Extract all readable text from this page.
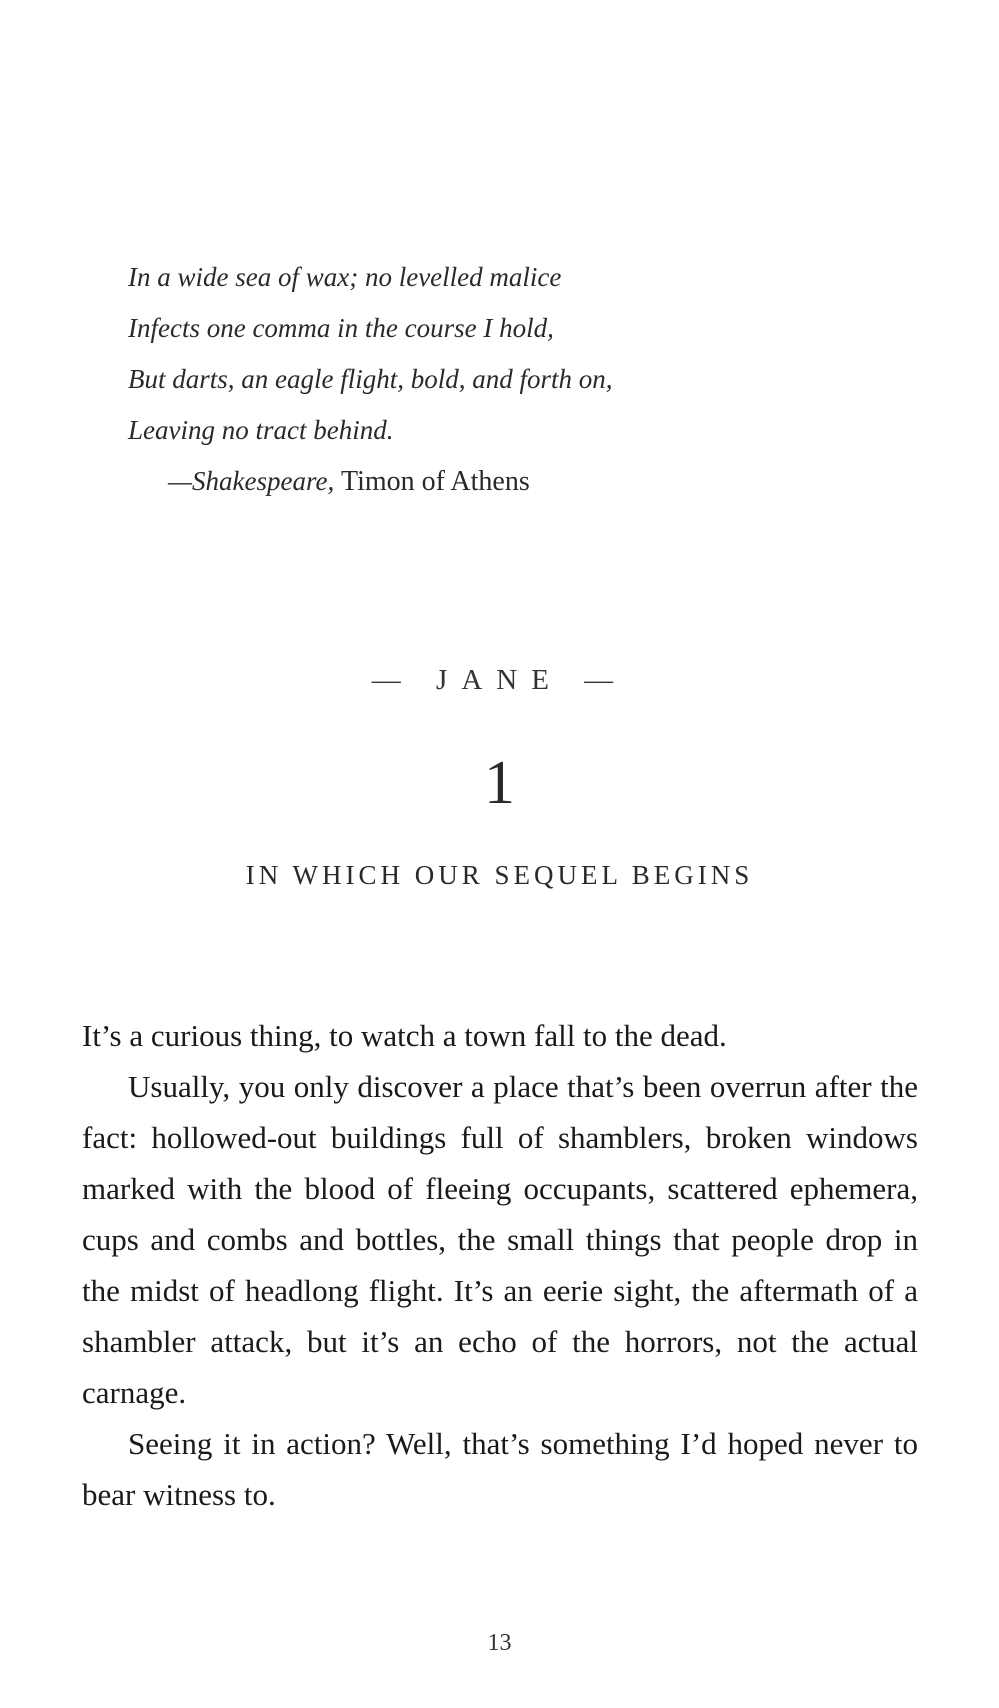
In a wide sea of wax; no levelled malice
Infects one comma in the course I hold,
But darts, an eagle flight, bold, and forth on,
Leaving no tract behind.
—Shakespeare, Timon of Athens
— JANE —
1
IN WHICH OUR SEQUEL BEGINS

It’s a curious thing, to watch a town fall to the dead.

Usually, you only discover a place that’s been overrun after the fact: hollowed-out buildings full of shamblers, broken windows marked with the blood of fleeing occupants, scattered ephemera, cups and combs and bottles, the small things that people drop in the midst of headlong flight. It’s an eerie sight, the aftermath of a shambler attack, but it’s an echo of the horrors, not the actual carnage.

Seeing it in action? Well, that’s something I’d hoped never to bear witness to.

13
